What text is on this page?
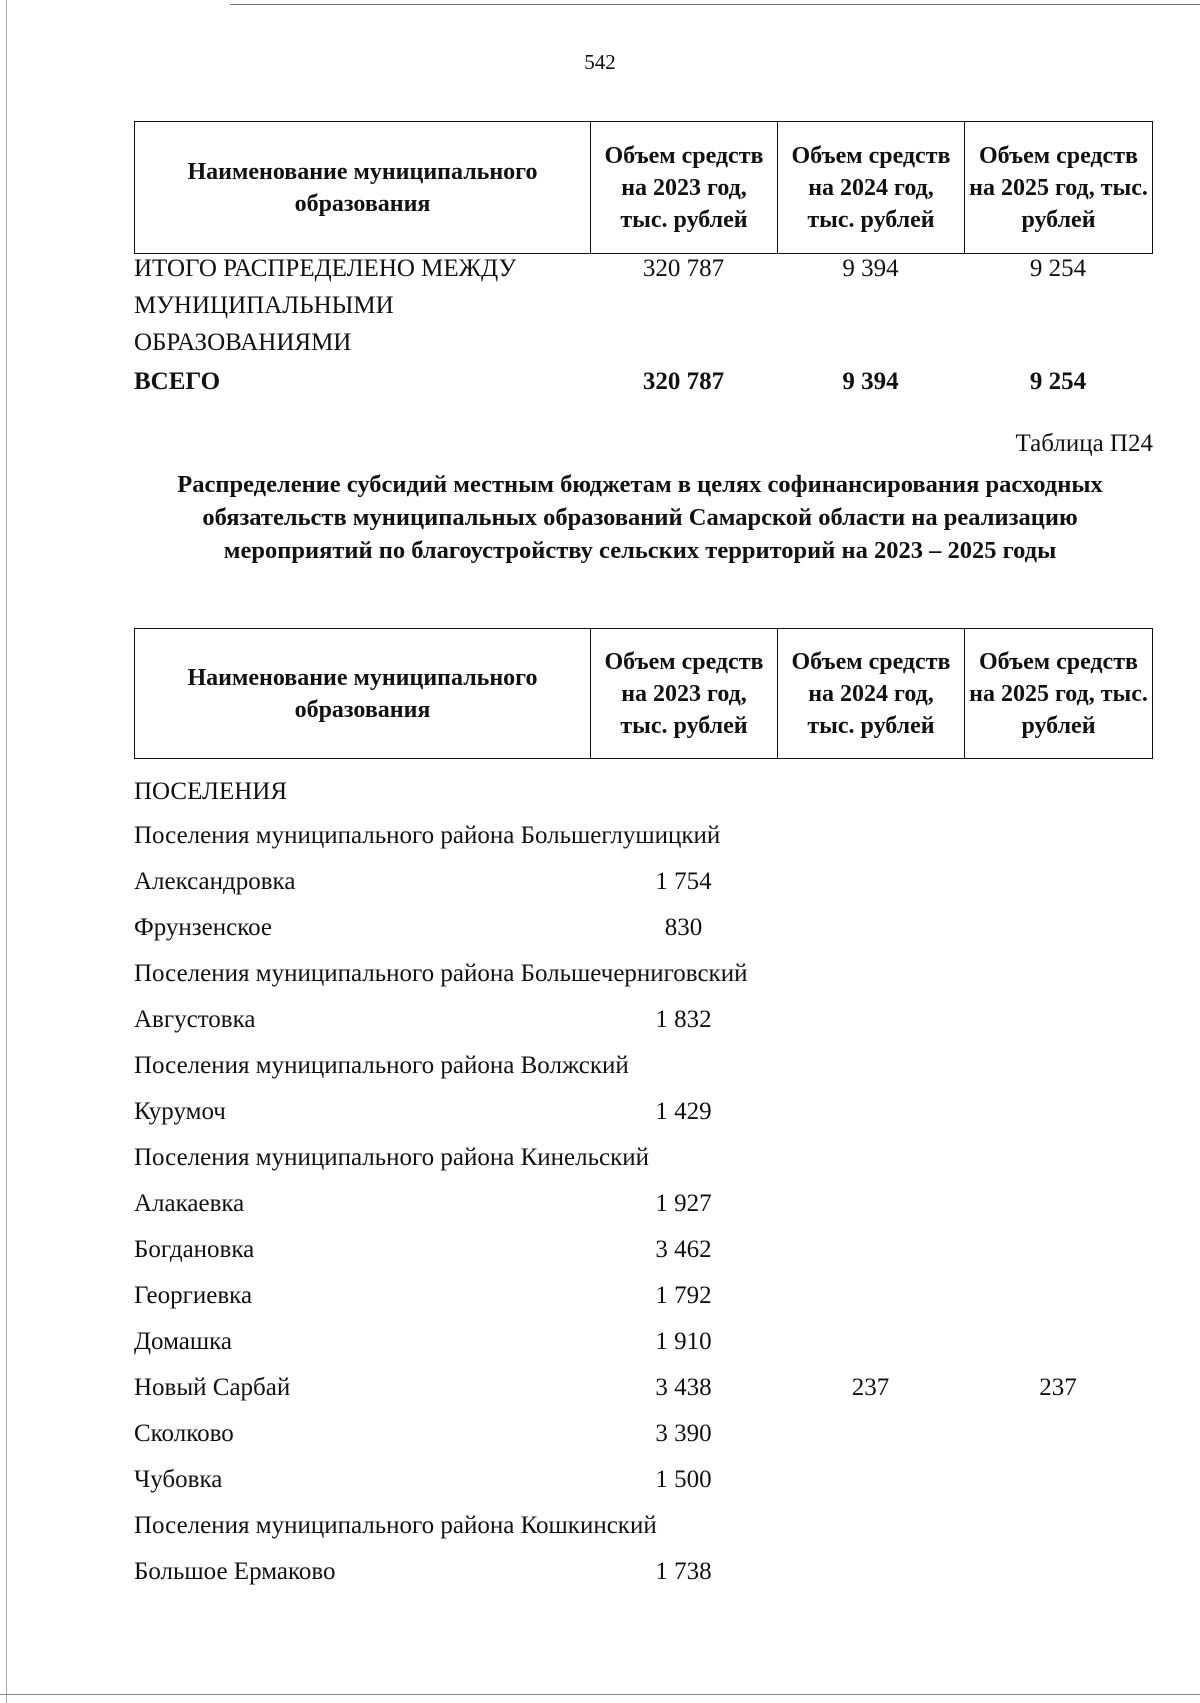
542
Наименование муниципального образования	Объем средств на 2023 год, тыс. рублей	Объем средств на 2024 год, тыс. рублей	Объем средств на 2025 год, тыс. рублей
ИТОГО РАСПРЕДЕЛЕНО МЕЖДУ МУНИЦИПАЛЬНЫМИ ОБРАЗОВАНИЯМИ	320 787	9 394	9 254
ВСЕГО	320 787	9 394	9 254
Таблица П24
Распределение субсидий местным бюджетам в целях софинансирования расходных обязательств муниципальных образований Самарской области на реализацию мероприятий по благоустройству сельских территорий на 2023 – 2025 годы
Наименование муниципального образования	Объем средств на 2023 год, тыс. рублей	Объем средств на 2024 год, тыс. рублей	Объем средств на 2025 год, тыс. рублей
ПОСЕЛЕНИЯ			
Поселения муниципального района Большеглушицкий			
Александровка	1 754		
Фрунзенское	830		
Поселения муниципального района Большечерниговский			
Августовка	1 832		
Поселения муниципального района Волжский			
Курумоч	1 429		
Поселения муниципального района Кинельский			
Алакаевка	1 927		
Богдановка	3 462		
Георгиевка	1 792		
Домашка	1 910		
Новый Сарбай	3 438	237	237
Сколково	3 390		
Чубовка	1 500		
Поселения муниципального района Кошкинский			
Большое Ермаково	1 738		
